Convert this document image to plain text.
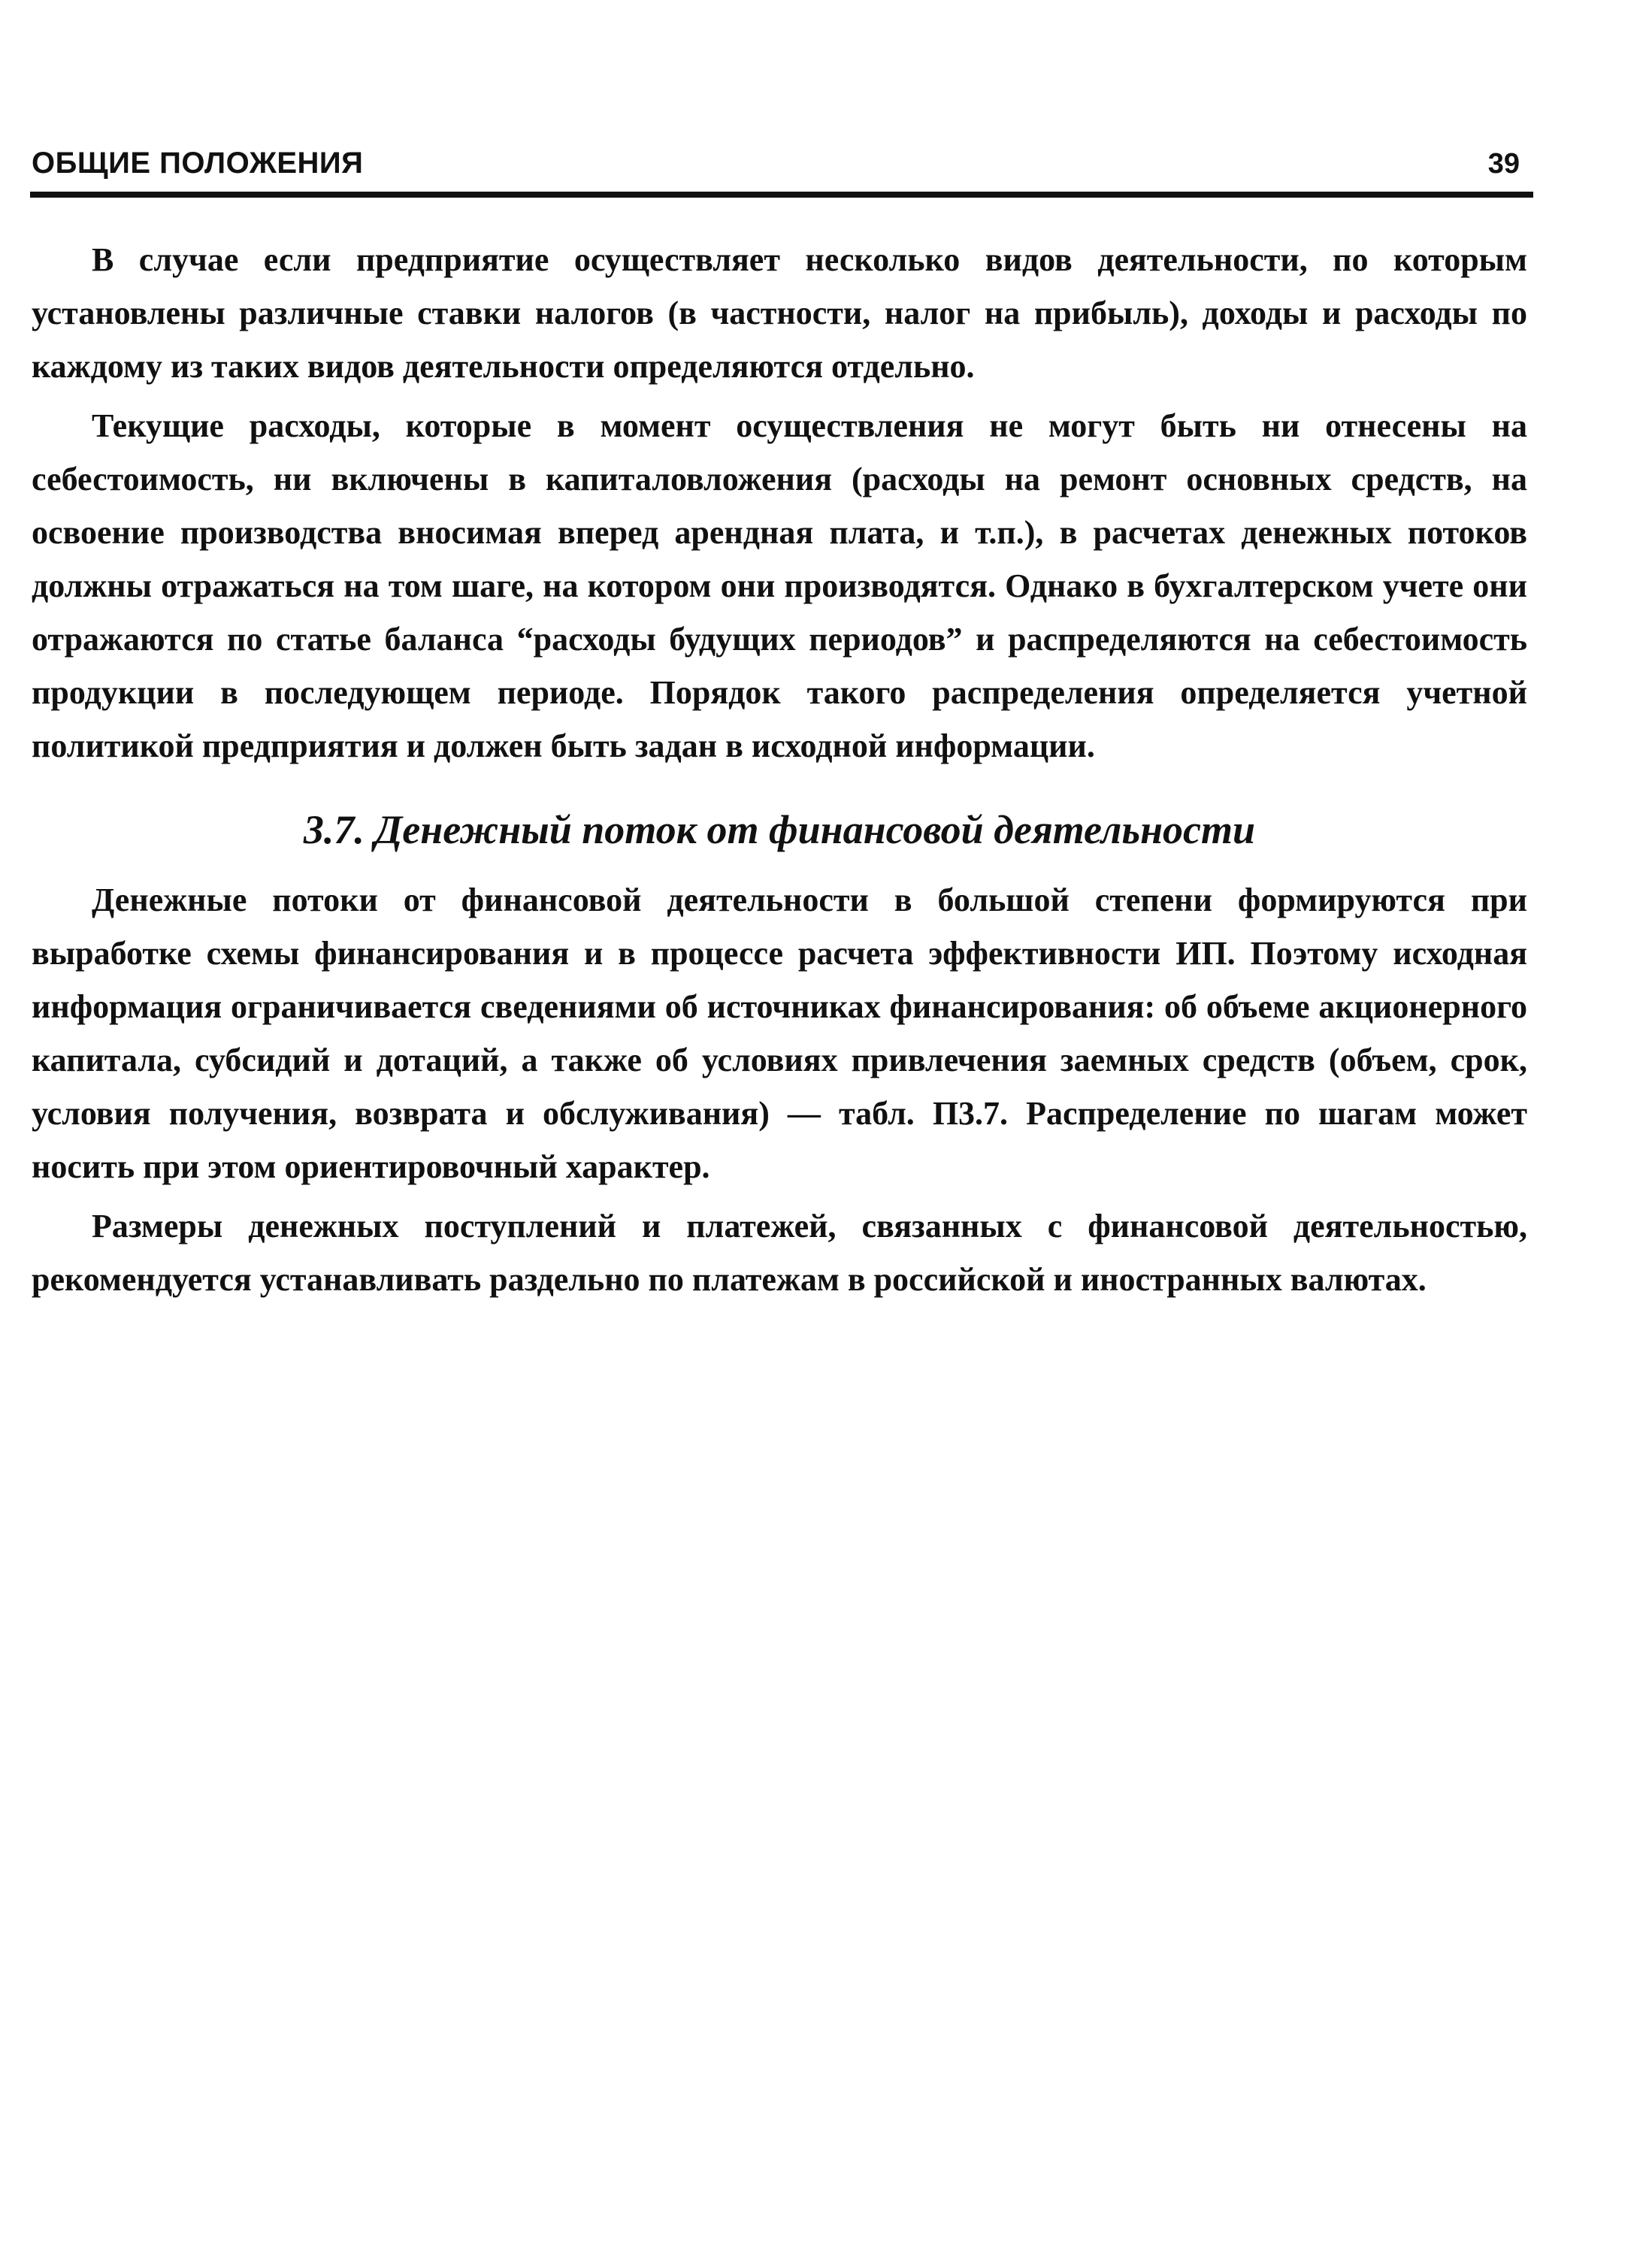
ОБЩИЕ ПОЛОЖЕНИЯ	39

В случае если предприятие осуществляет несколько видов деятельности, по которым установлены различные ставки налогов (в частности, налог на прибыль), доходы и расходы по каждому из таких видов деятельности определяются отдельно.

Текущие расходы, которые в момент осуществления не могут быть ни отнесены на себестоимость, ни включены в капиталовложения (расходы на ремонт основных средств, на освоение производства вносимая вперед арендная плата, и т.п.), в расчетах денежных потоков должны отражаться на том шаге, на котором они производятся. Однако в бухгалтерском учете они отражаются по статье баланса “расходы будущих периодов” и распределяются на себестоимость продукции в последующем периоде. Порядок такого распределения определяется учетной политикой предприятия и должен быть задан в исходной информации.

3.7. Денежный поток от финансовой деятельности

Денежные потоки от финансовой деятельности в большой степени формируются при выработке схемы финансирования и в процессе расчета эффективности ИП. Поэтому исходная информация ограничивается сведениями об источниках финансирования: об объеме акционерного капитала, субсидий и дотаций, а также об условиях привлечения заемных средств (объем, срок, условия получения, возврата и обслуживания) — табл. П3.7. Распределение по шагам может носить при этом ориентировочный характер.

Размеры денежных поступлений и платежей, связанных с финансовой деятельностью, рекомендуется устанавливать раздельно по платежам в российской и иностранных валютах.
